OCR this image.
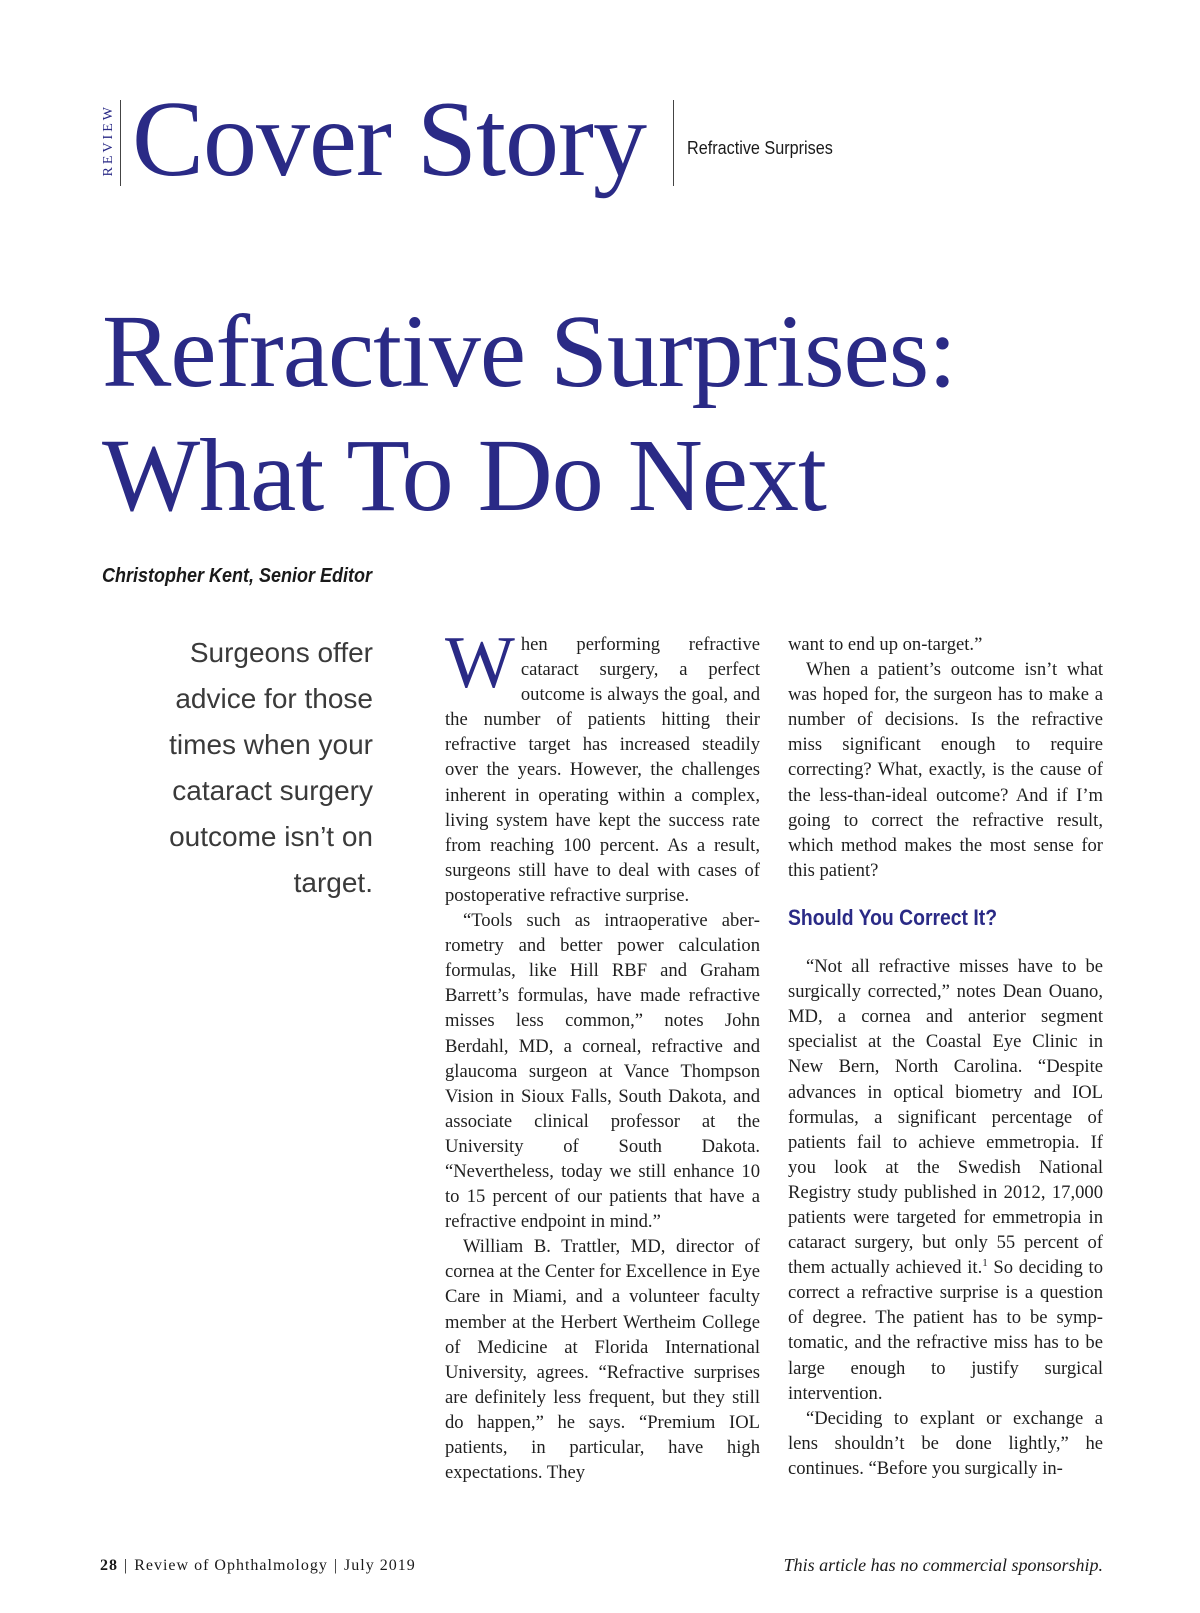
REVIEW Cover Story Refractive Surprises
Refractive Surprises:
What To Do Next
Christopher Kent, Senior Editor
Surgeons offer advice for those times when your cataract surgery outcome isn’t on target.

When performing refractive cataract surgery, a perfect outcome is always the goal, and the number of patients hitting their refractive target has increased steadily over the years. However, the challenges inherent in operating within a complex, living system have kept the success rate from reaching 100 percent. As a result, surgeons still have to deal with cases of postoperative refractive surprise.

“Tools such as intraoperative aberrometry and better power calculation formulas, like Hill RBF and Graham Barrett’s formulas, have made refractive misses less common,” notes John Berdahl, MD, a corneal, refractive and glaucoma surgeon at Vance Thompson Vision in Sioux Falls, South Dakota, and associate clinical professor at the University of South Dakota. “Nevertheless, today we still enhance 10 to 15 percent of our patients that have a refractive endpoint in mind.”

William B. Trattler, MD, director of cornea at the Center for Excellence in Eye Care in Miami, and a volunteer faculty member at the Herbert Wertheim College of Medicine at Florida International University, agrees. “Refractive surprises are definitely less frequent, but they still do happen,” he says. “Premium IOL patients, in particular, have high expectations. They

want to end up on-target.”

When a patient’s outcome isn’t what was hoped for, the surgeon has to make a number of decisions. Is the refractive miss significant enough to require correcting? What, exactly, is the cause of the less-than-ideal outcome? And if I’m going to correct the refractive result, which method makes the most sense for this patient?

Should You Correct It?

“Not all refractive misses have to be surgically corrected,” notes Dean Ouano, MD, a cornea and anterior segment specialist at the Coastal Eye Clinic in New Bern, North Carolina. “Despite advances in optical biometry and IOL formulas, a significant percentage of patients fail to achieve emmetropia. If you look at the Swedish National Registry study published in 2012, 17,000 patients were targeted for emmetropia in cataract surgery, but only 55 percent of them actually achieved it.$^1$ So deciding to correct a refractive surprise is a question of degree. The patient has to be symptomatic, and the refractive miss has to be large enough to justify surgical intervention.

“Deciding to explant or exchange a lens shouldn’t be done lightly,” he continues. “Before you surgically in-

28 | Review of Ophthalmology | July 2019	This article has no commercial sponsorship.
